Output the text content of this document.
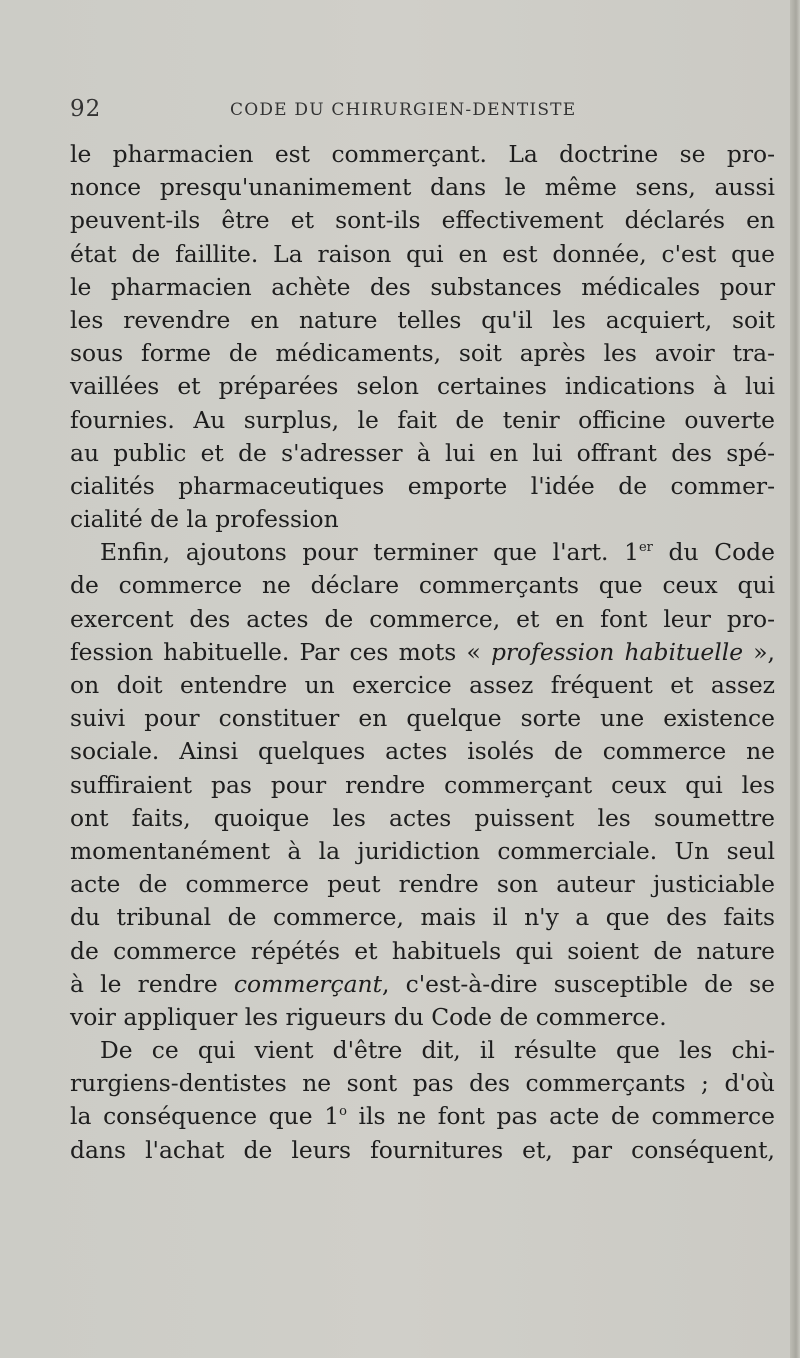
92	CODE DU CHIRURGIEN-DENTISTE
le pharmacien est commerçant. La doctrine se pro-
nonce presqu'unanimement dans le même sens, aussi
peuvent-ils être et sont-ils effectivement déclarés en
état de faillite. La raison qui en est donnée, c'est que
le pharmacien achète des substances médicales pour
les revendre en nature telles qu'il les acquiert, soit
sous forme de médicaments, soit après les avoir tra-
vaillées et préparées selon certaines indications à lui
fournies. Au surplus, le fait de tenir officine ouverte
au public et de s'adresser à lui en lui offrant des spé-
cialités pharmaceutiques emporte l'idée de commer-
cialité de la profession
Enfin, ajoutons pour terminer que l'art. 1er du Code
de commerce ne déclare commerçants que ceux qui
exercent des actes de commerce, et en font leur pro-
fession habituelle. Par ces mots « profession habituelle »,
on doit entendre un exercice assez fréquent et assez
suivi pour constituer en quelque sorte une existence
sociale. Ainsi quelques actes isolés de commerce ne
suffiraient pas pour rendre commerçant ceux qui les
ont faits, quoique les actes puissent les soumettre
momentanément à la juridiction commerciale. Un seul
acte de commerce peut rendre son auteur justiciable
du tribunal de commerce, mais il n'y a que des faits
de commerce répétés et habituels qui soient de nature
à le rendre commerçant, c'est-à-dire susceptible de se
voir appliquer les rigueurs du Code de commerce.
De ce qui vient d'être dit, il résulte que les chi-
rurgiens-dentistes ne sont pas des commerçants ; d'où
la conséquence que 1$^o$ ils ne font pas acte de commerce
dans l'achat de leurs fournitures et, par conséquent,
